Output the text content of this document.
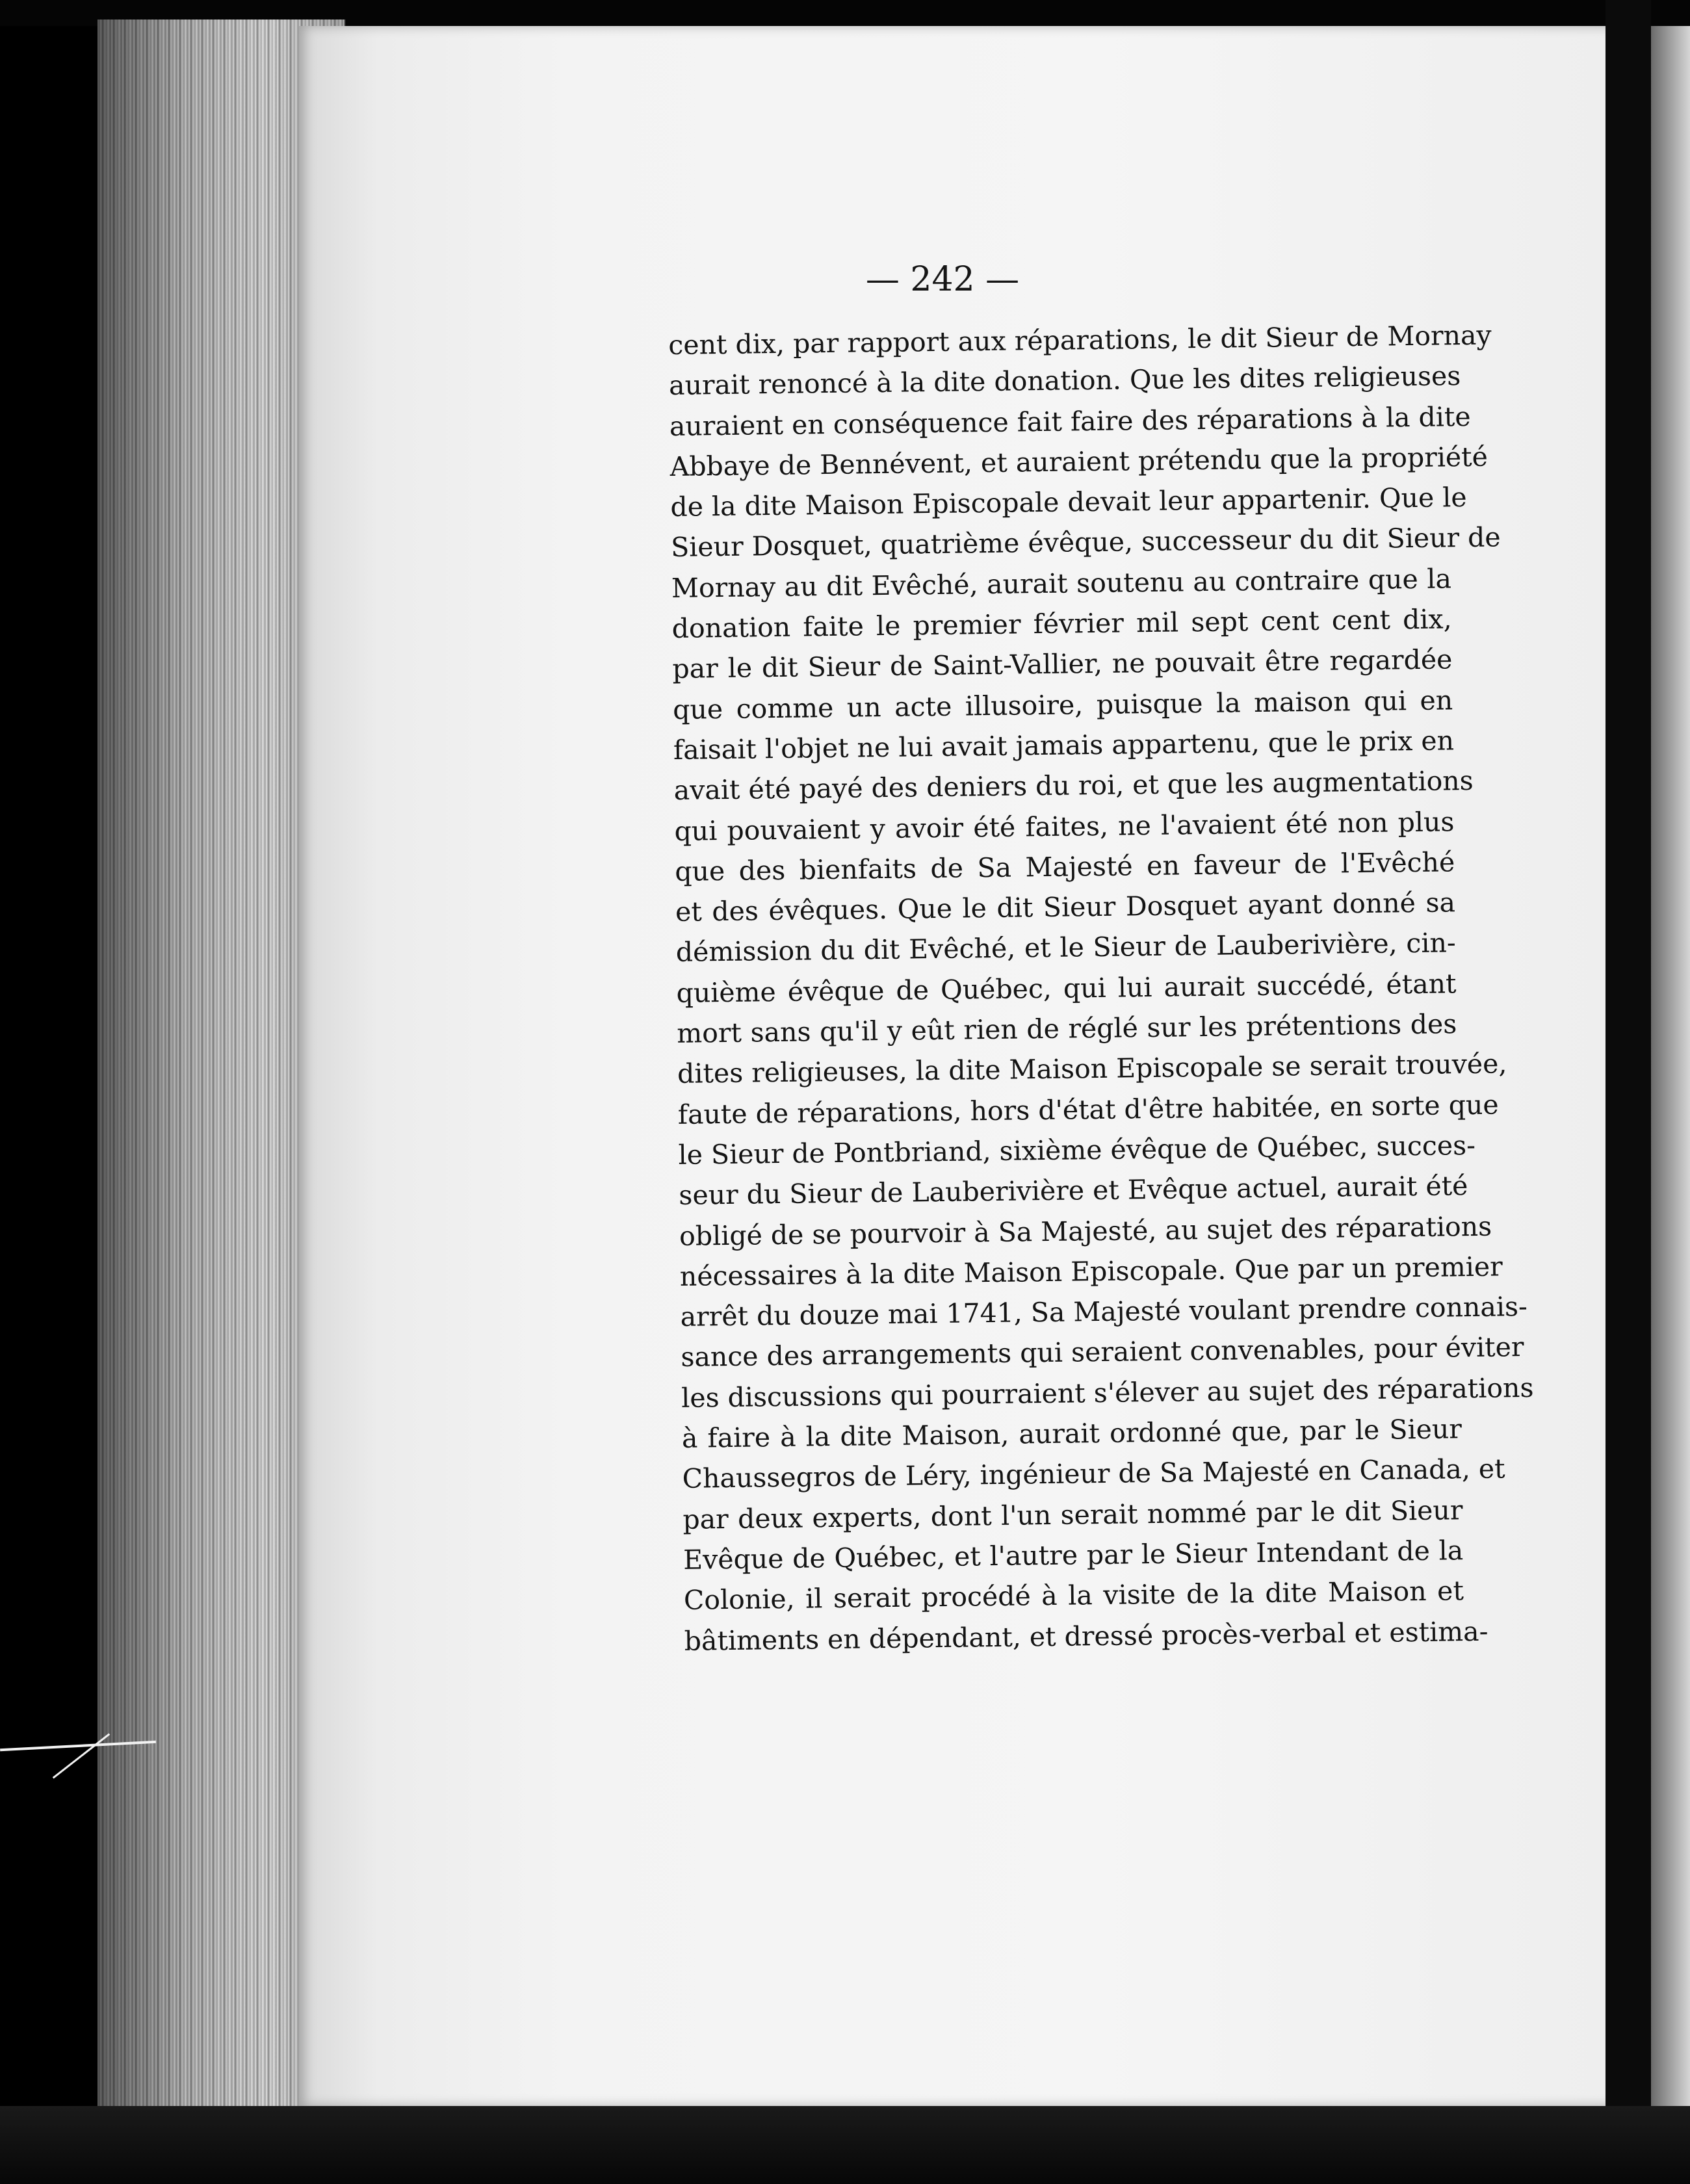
— 242 —
cent dix, par rapport aux réparations, le dit Sieur de Mornay
aurait renoncé à la dite donation. Que les dites religieuses
auraient en conséquence fait faire des réparations à la dite
Abbaye de Bennévent, et auraient prétendu que la propriété
de la dite Maison Episcopale devait leur appartenir. Que le
Sieur Dosquet, quatrième évêque, successeur du dit Sieur de
Mornay au dit Evêché, aurait soutenu au contraire que la
donation faite le premier février mil sept cent cent dix,
par le dit Sieur de Saint-Vallier, ne pouvait être regardée
que comme un acte illusoire, puisque la maison qui en
faisait l'objet ne lui avait jamais appartenu, que le prix en
avait été payé des deniers du roi, et que les augmentations
qui pouvaient y avoir été faites, ne l'avaient été non plus
que des bienfaits de Sa Majesté en faveur de l'Evêché
et des évêques. Que le dit Sieur Dosquet ayant donné sa
démission du dit Evêché, et le Sieur de Lauberivière, cin-
quième évêque de Québec, qui lui aurait succédé, étant
mort sans qu'il y eût rien de réglé sur les prétentions des
dites religieuses, la dite Maison Episcopale se serait trouvée,
faute de réparations, hors d'état d'être habitée, en sorte que
le Sieur de Pontbriand, sixième évêque de Québec, succes-
seur du Sieur de Lauberivière et Evêque actuel, aurait été
obligé de se pourvoir à Sa Majesté, au sujet des réparations
nécessaires à la dite Maison Episcopale. Que par un premier
arrêt du douze mai 1741, Sa Majesté voulant prendre connais-
sance des arrangements qui seraient convenables, pour éviter
les discussions qui pourraient s'élever au sujet des réparations
à faire à la dite Maison, aurait ordonné que, par le Sieur
Chaussegros de Léry, ingénieur de Sa Majesté en Canada, et
par deux experts, dont l'un serait nommé par le dit Sieur
Evêque de Québec, et l'autre par le Sieur Intendant de la
Colonie, il serait procédé à la visite de la dite Maison et
bâtiments en dépendant, et dressé procès-verbal et estima-
